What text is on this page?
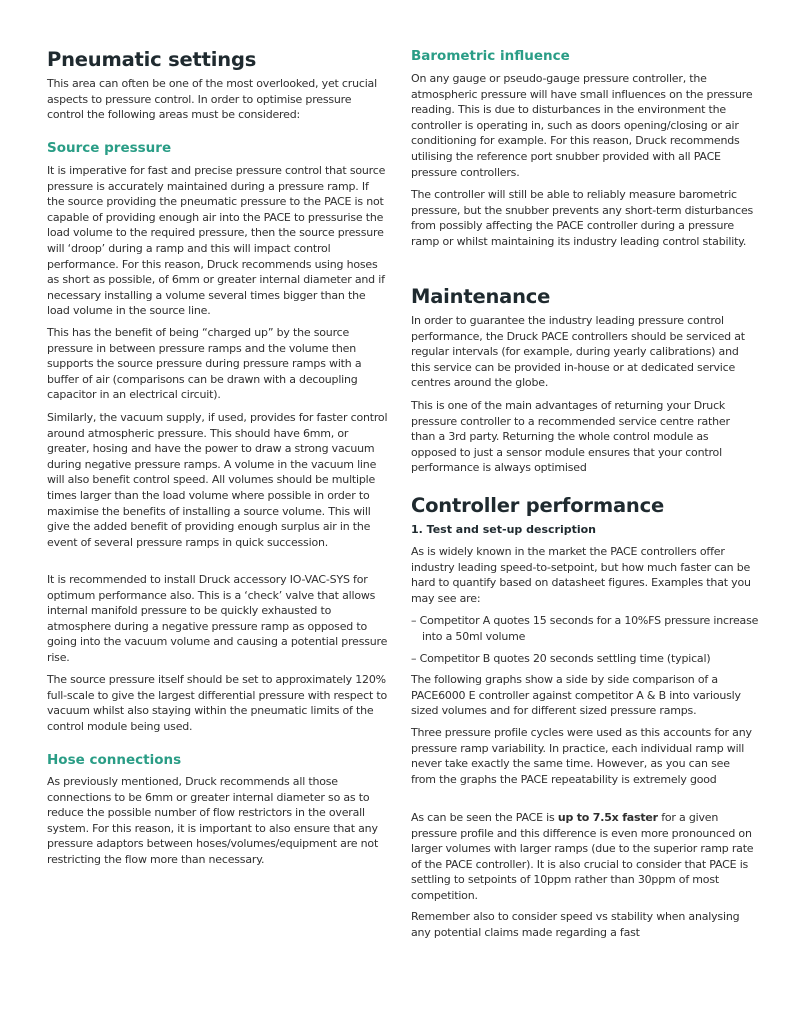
Pneumatic settings

This area can often be one of the most overlooked, yet crucial aspects to pressure control. In order to optimise pressure control the following areas must be considered:

Source pressure

It is imperative for fast and precise pressure control that source pressure is accurately maintained during a pressure ramp. If the source providing the pneumatic pressure to the PACE is not capable of providing enough air into the PACE to pressurise the load volume to the required pressure, then the source pressure will ‘droop’ during a ramp and this will impact control performance. For this reason, Druck recommends using hoses as short as possible, of 6mm or greater internal diameter and if necessary installing a volume several times bigger than the load volume in the source line.

This has the benefit of being “charged up” by the source pressure in between pressure ramps and the volume then supports the source pressure during pressure ramps with a buffer of air (comparisons can be drawn with a decoupling capacitor in an electrical circuit).

Similarly, the vacuum supply, if used, provides for faster control around atmospheric pressure. This should have 6mm, or greater, hosing and have the power to draw a strong vacuum during negative pressure ramps. A volume in the vacuum line will also benefit control speed. All volumes should be multiple times larger than the load volume where possible in order to maximise the benefits of installing a source volume. This will give the added benefit of providing enough surplus air in the event of several pressure ramps in quick succession.

It is recommended to install Druck accessory IO-VAC-SYS for optimum performance also. This is a ‘check’ valve that allows internal manifold pressure to be quickly exhausted to atmosphere during a negative pressure ramp as opposed to going into the vacuum volume and causing a potential pressure rise.

The source pressure itself should be set to approximately 120% full-scale to give the largest differential pressure with respect to vacuum whilst also staying within the pneumatic limits of the control module being used.

Hose connections

As previously mentioned, Druck recommends all those connections to be 6mm or greater internal diameter so as to reduce the possible number of flow restrictors in the overall system. For this reason, it is important to also ensure that any pressure adaptors between hoses/volumes/equipment are not restricting the flow more than necessary.

Barometric influence

On any gauge or pseudo-gauge pressure controller, the atmospheric pressure will have small influences on the pressure reading. This is due to disturbances in the environment the controller is operating in, such as doors opening/closing or air conditioning for example. For this reason, Druck recommends utilising the reference port snubber provided with all PACE pressure controllers.

The controller will still be able to reliably measure barometric pressure, but the snubber prevents any short-term disturbances from possibly affecting the PACE controller during a pressure ramp or whilst maintaining its industry leading control stability.

Maintenance

In order to guarantee the industry leading pressure control performance, the Druck PACE controllers should be serviced at regular intervals (for example, during yearly calibrations) and this service can be provided in-house or at dedicated service centres around the globe.

This is one of the main advantages of returning your Druck pressure controller to a recommended service centre rather than a 3rd party. Returning the whole control module as opposed to just a sensor module ensures that your control performance is always optimised

Controller performance
1. Test and set-up description

As is widely known in the market the PACE controllers offer industry leading speed-to-setpoint, but how much faster can be hard to quantify based on datasheet figures. Examples that you may see are:

– Competitor A quotes 15 seconds for a 10%FS pressure increase into a 50ml volume

– Competitor B quotes 20 seconds settling time (typical)

The following graphs show a side by side comparison of a PACE6000 E controller against competitor A & B into variously sized volumes and for different sized pressure ramps.

Three pressure profile cycles were used as this accounts for any pressure ramp variability. In practice, each individual ramp will never take exactly the same time. However, as you can see from the graphs the PACE repeatability is extremely good

As can be seen the PACE is up to 7.5x faster for a given pressure profile and this difference is even more pronounced on larger volumes with larger ramps (due to the superior ramp rate of the PACE controller). It is also crucial to consider that PACE is settling to setpoints of 10ppm rather than 30ppm of most competition.

Remember also to consider speed vs stability when analysing any potential claims made regarding a fast
